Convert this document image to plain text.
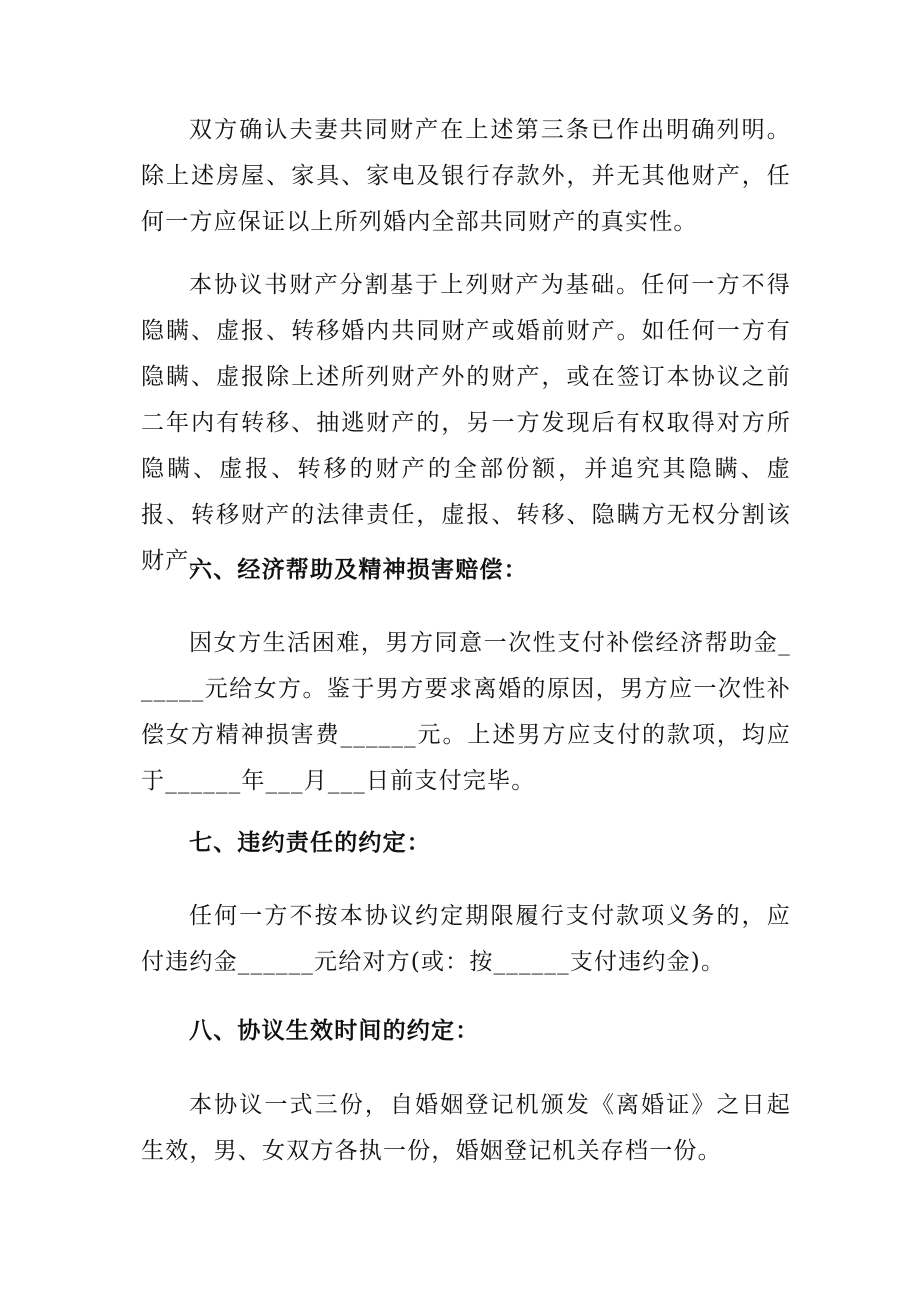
双方确认夫妻共同财产在上述第三条已作出明确列明。除上述房屋、家具、家电及银行存款外，并无其他财产，任何一方应保证以上所列婚内全部共同财产的真实性。

本协议书财产分割基于上列财产为基础。任何一方不得隐瞒、虚报、转移婚内共同财产或婚前财产。如任何一方有隐瞒、虚报除上述所列财产外的财产，或在签订本协议之前二年内有转移、抽逃财产的，另一方发现后有权取得对方所隐瞒、虚报、转移的财产的全部份额，并追究其隐瞒、虚报、转移财产的法律责任，虚报、转移、隐瞒方无权分割该财产。

六、经济帮助及精神损害赔偿：

因女方生活困难，男方同意一次性支付补偿经济帮助金______元给女方。鉴于男方要求离婚的原因，男方应一次性补偿女方精神损害费______元。上述男方应支付的款项，均应于______年___月___日前支付完毕。

七、违约责任的约定：

任何一方不按本协议约定期限履行支付款项义务的，应付违约金______元给对方(或：按______支付违约金)。

八、协议生效时间的约定：

本协议一式三份，自婚姻登记机颁发《离婚证》之日起生效，男、女双方各执一份，婚姻登记机关存档一份。
